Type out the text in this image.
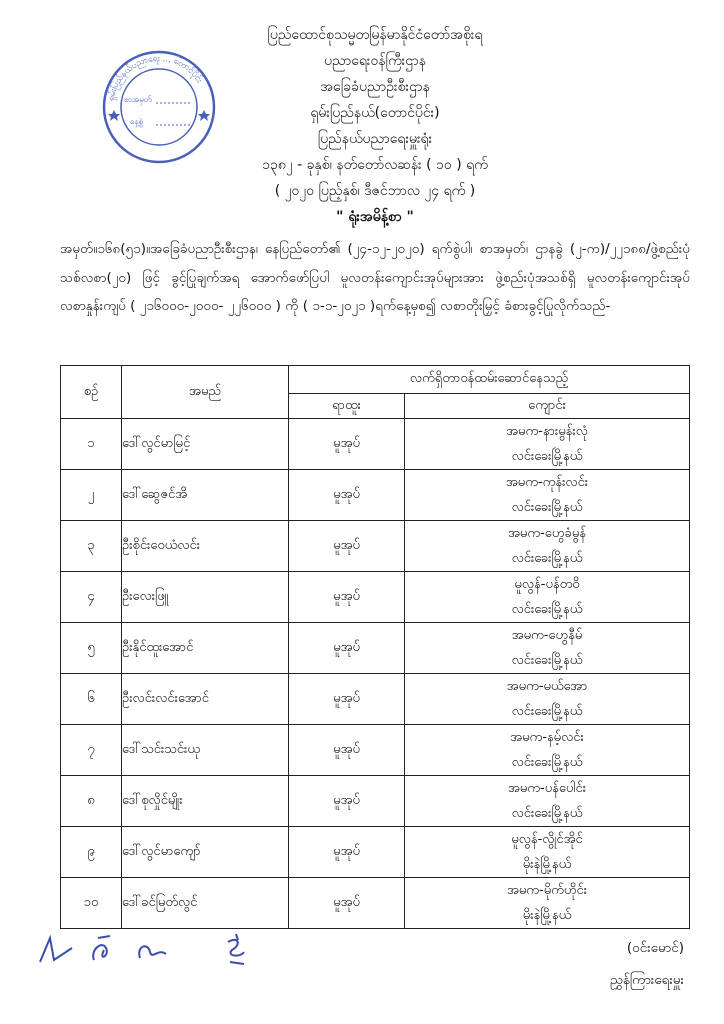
ရှမ်းပြည်နယ်ပညာရေး ... တောင်ပိုင်း
စာအမှတ်
နေ့စွဲ
ပြည်ထောင်စုသမ္မတမြန်မာနိုင်ငံတော်အစိုးရ
ပညာရေးဝန်ကြီးဌာန
အခြေခံပညာဦးစီးဌာန
ရှမ်းပြည်နယ်(တောင်ပိုင်း)
ပြည်နယ်ပညာရေးမှူးရုံး
၁၃၈၂ - ခုနှစ်၊ နတ်တော်လဆန်း ( ၁၀ ) ရက်
( ၂၀၂၀ ပြည့်နှစ်၊ ဒီဇင်ဘာလ ၂၄ ရက် )
" ရုံးအမိန့်စာ "
အမှတ်။၁၆၈(၅၁)။အခြေခံပညာဦးစီးဌာန၊ နေပြည်တော်၏ (၂၄-၁၂-၂၀၂၀) ရက်စွဲပါ၊ စာအမှတ်၊ ဌာနခွဲ (၂-က)/၂၂၁၈၈/ဖွဲ့စည်းပုံသစ်လစာ(၂၀) ဖြင့် ခွင့်ပြုချက်အရ အောက်ဖော်ပြပါ မူလတန်းကျောင်းအုပ်များအား ဖွဲ့စည်းပုံအသစ်ရှိ မူလတန်းကျောင်းအုပ် လစာနှုန်းကျပ် ( ၂၁၆၀၀၀-၂၀၀၀- ၂၂၆၀၀၀ ) ကို ( ၁-၁-၂၀၂၁ )ရက်နေ့မှစ၍ လစာတိုးမြှင့် ခံစားခွင့်ပြုလိုက်သည်-
စဉ်	အမည်	လက်ရှိတာဝန်ထမ်းဆောင်နေသည့်	
		ရာထူး	ကျောင်း
၁	ဒေါ်လွင်မာမြင့်	မူအုပ်	အမက-နားမွန်းလုံ
လင်းခေးမြို့နယ်

၂	ဒေါ်ဆွေဇင်အိ	မူအုပ်	အမက-ကုန်းလင်း
လင်းခေးမြို့နယ်

၃	ဦးစိုင်းဝေယံလင်း	မူအုပ်	အမက-ဟွေခံမွန်
လင်းခေးမြို့နယ်

၄	ဦးလေးဖြူ	မူအုပ်	မူလွန်-ပန်တဝိ
လင်းခေးမြို့နယ်

၅	ဦးနိုင်ထူးအောင်	မူအုပ်	အမက-ဟွေနီမ်
လင်းခေးမြို့နယ်

၆	ဦးလင်းလင်းအောင်	မူအုပ်	အမက-မယ်အော
လင်းခေးမြို့နယ်

၇	ဒေါ်သင်းသင်းယု	မူအုပ်	အမက-နမ့်လင်း
လင်းခေးမြို့နယ်

၈	ဒေါ်စုလှိုင်မျိုး	မူအုပ်	အမက-ပန်ပေါင်း
လင်းခေးမြို့နယ်

၉	ဒေါ်လွင်မာကျော်	မူအုပ်	မူလွန်-လွိုင်အိုင်
မိုးနဲမြို့နယ်

၁၀	ဒေါ်ခင်မြတ်လွင်	မူအုပ်	အမက-မိုက်ဟိုင်း
မိုးနဲမြို့နယ်
(ဝင်းမောင်)
ညွှန်ကြားရေးမှူး
